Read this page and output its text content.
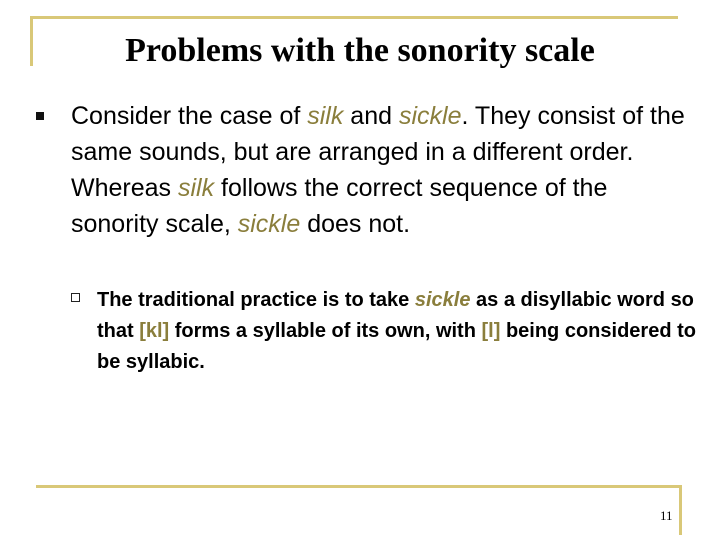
Problems with the sonority scale
Consider the case of silk and sickle. They consist of the same sounds, but are arranged in a different order. Whereas silk follows the correct sequence of the sonority scale, sickle does not.
The traditional practice is to take sickle as a disyllabic word so that [kl] forms a syllable of its own, with [l] being considered to be syllabic.
11
